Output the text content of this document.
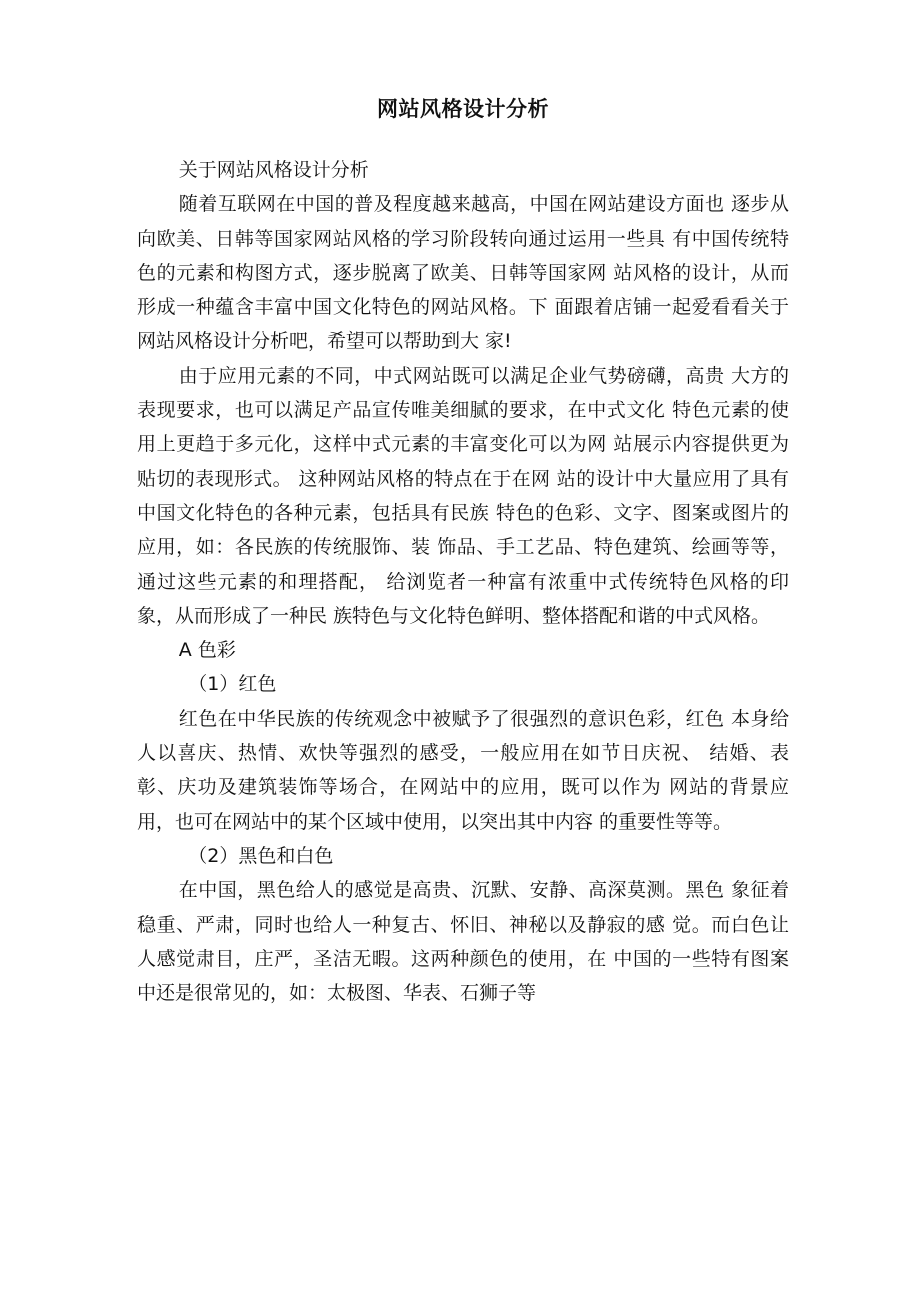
网站风格设计分析

关于网站风格设计分析

随着互联网在中国的普及程度越来越高，中国在网站建设方面也 逐步从向欧美、日韩等国家网站风格的学习阶段转向通过运用一些具 有中国传统特色的元素和构图方式，逐步脱离了欧美、日韩等国家网 站风格的设计，从而形成一种蕴含丰富中国文化特色的网站风格。下 面跟着店铺一起爱看看关于网站风格设计分析吧，希望可以帮助到大 家!

由于应用元素的不同，中式网站既可以满足企业气势磅礴，高贵 大方的表现要求，也可以满足产品宣传唯美细腻的要求，在中式文化 特色元素的使用上更趋于多元化，这样中式元素的丰富变化可以为网 站展示内容提供更为贴切的表现形式。 这种网站风格的特点在于在网 站的设计中大量应用了具有中国文化特色的各种元素，包括具有民族 特色的色彩、文字、图案或图片的应用，如：各民族的传统服饰、装 饰品、手工艺品、特色建筑、绘画等等，通过这些元素的和理搭配， 给浏览者一种富有浓重中式传统特色风格的印象，从而形成了一种民 族特色与文化特色鲜明、整体搭配和谐的中式风格。

A 色彩

（1）红色

红色在中华民族的传统观念中被赋予了很强烈的意识色彩，红色 本身给人以喜庆、热情、欢快等强烈的感受，一般应用在如节日庆祝、 结婚、表彰、庆功及建筑装饰等场合，在网站中的应用，既可以作为 网站的背景应用，也可在网站中的某个区域中使用，以突出其中内容 的重要性等等。

（2）黑色和白色

在中国，黑色给人的感觉是高贵、沉默、安静、高深莫测。黑色 象征着稳重、严肃，同时也给人一种复古、怀旧、神秘以及静寂的感 觉。而白色让人感觉肃目，庄严，圣洁无暇。这两种颜色的使用，在 中国的一些特有图案中还是很常见的，如：太极图、华表、石狮子等
